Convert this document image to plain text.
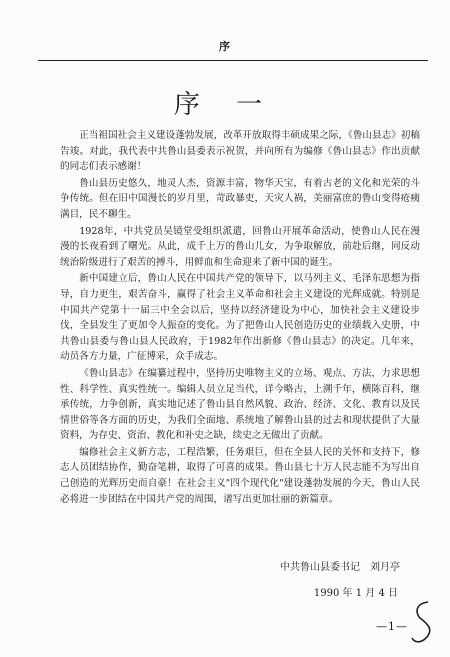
序
序 一

正当祖国社会主义建设蓬勃发展，改革开放取得丰硕成果之际，《鲁山县志》初稿告竣。对此，我代表中共鲁山县委表示祝贺，并向所有为编修《鲁山县志》作出贡献的同志们表示感谢！

鲁山县历史悠久，地灵人杰，资源丰富，物华天宝，有着古老的文化和光荣的斗争传统。但在旧中国漫长的岁月里，苛政暴吏，天灾人祸，美丽富庶的鲁山变得疮痍满目，民不聊生。

1928年，中共党员吴镜堂受组织派遣，回鲁山开展革命活动，使鲁山人民在漫漫的长夜看到了曙光。从此，成千上万的鲁山儿女，为争取解放，前赴后继，同反动统治阶级进行了艰苦的搏斗，用鲜血和生命迎来了新中国的诞生。

新中国建立后，鲁山人民在中国共产党的领导下，以马列主义、毛泽东思想为指导，自力更生，艰苦奋斗，赢得了社会主义革命和社会主义建设的光辉成就。特别是中国共产党第十一届三中全会以后，坚持以经济建设为中心，加快社会主义建设步伐，全县发生了更加令人振奋的变化。为了把鲁山人民创造历史的业绩载入史册，中共鲁山县委与鲁山县人民政府，于1982年作出新修《鲁山县志》的决定。几年来，动员各方力量，广征博采，众手成志。

《鲁山县志》在编纂过程中，坚持历史唯物主义的立场、观点、方法，力求思想性、科学性、真实性统一。编辑人员立足当代，详今略古，上溯千年，横陈百科，继承传统，力争创新，真实地记述了鲁山县自然风貌、政治、经济、文化、教育以及民情世俗等各方面的历史，为我们全面地、系统地了解鲁山县的过去和现状提供了大量资料，为存史、资治、教化和补史之缺，续史之无做出了贡献。

编修社会主义新方志，工程浩繁，任务艰巨，但在全县人民的关怀和支持下，修志人员团结协作，勤奋笔耕，取得了可喜的成果。鲁山县七十万人民志能不为写出自己创造的光辉历史而自豪！在社会主义"四个现代化"建设蓬勃发展的今天，鲁山人民必将进一步团结在中国共产党的周围，谱写出更加壮丽的新篇章。

中共鲁山县委书记　刘月亭
1990 年 1 月 4 日
—1—
